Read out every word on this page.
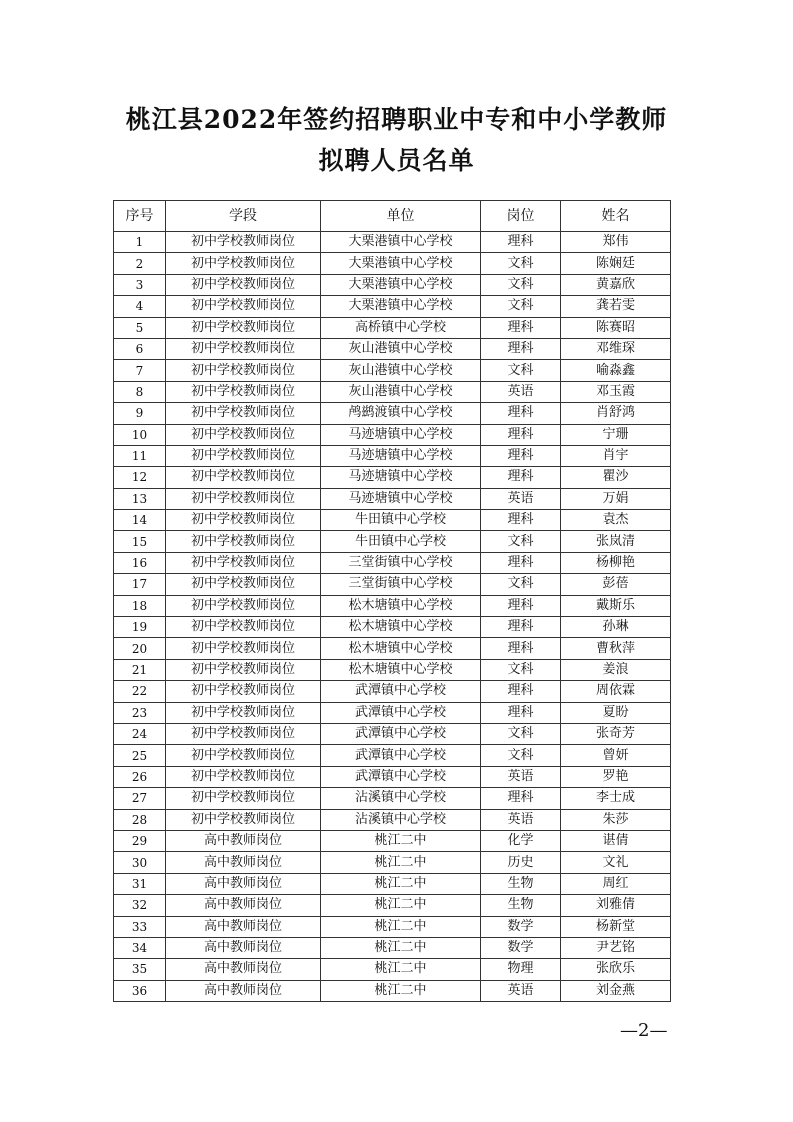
桃江县2022年签约招聘职业中专和中小学教师
拟聘人员名单
序号	学段	单位	岗位	姓名
1	初中学校教师岗位	大栗港镇中心学校	理科	郑伟
2	初中学校教师岗位	大栗港镇中心学校	文科	陈娴廷
3	初中学校教师岗位	大栗港镇中心学校	文科	黄嘉欣
4	初中学校教师岗位	大栗港镇中心学校	文科	龚若雯
5	初中学校教师岗位	高桥镇中心学校	理科	陈赛昭
6	初中学校教师岗位	灰山港镇中心学校	理科	邓维琛
7	初中学校教师岗位	灰山港镇中心学校	文科	喻淼鑫
8	初中学校教师岗位	灰山港镇中心学校	英语	邓玉霞
9	初中学校教师岗位	鸬鹚渡镇中心学校	理科	肖舒鸿
10	初中学校教师岗位	马迹塘镇中心学校	理科	宁珊
11	初中学校教师岗位	马迹塘镇中心学校	理科	肖宇
12	初中学校教师岗位	马迹塘镇中心学校	理科	瞿沙
13	初中学校教师岗位	马迹塘镇中心学校	英语	万娟
14	初中学校教师岗位	牛田镇中心学校	理科	袁杰
15	初中学校教师岗位	牛田镇中心学校	文科	张岚清
16	初中学校教师岗位	三堂街镇中心学校	理科	杨柳艳
17	初中学校教师岗位	三堂街镇中心学校	文科	彭蓓
18	初中学校教师岗位	松木塘镇中心学校	理科	戴斯乐
19	初中学校教师岗位	松木塘镇中心学校	理科	孙琳
20	初中学校教师岗位	松木塘镇中心学校	理科	曹秋萍
21	初中学校教师岗位	松木塘镇中心学校	文科	姜浪
22	初中学校教师岗位	武潭镇中心学校	理科	周依霖
23	初中学校教师岗位	武潭镇中心学校	理科	夏盼
24	初中学校教师岗位	武潭镇中心学校	文科	张奇芳
25	初中学校教师岗位	武潭镇中心学校	文科	曾妍
26	初中学校教师岗位	武潭镇中心学校	英语	罗艳
27	初中学校教师岗位	沾溪镇中心学校	理科	李士成
28	初中学校教师岗位	沾溪镇中心学校	英语	朱莎
29	高中教师岗位	桃江二中	化学	谌倩
30	高中教师岗位	桃江二中	历史	文礼
31	高中教师岗位	桃江二中	生物	周红
32	高中教师岗位	桃江二中	生物	刘雅倩
33	高中教师岗位	桃江二中	数学	杨新堂
34	高中教师岗位	桃江二中	数学	尹艺铭
35	高中教师岗位	桃江二中	物理	张欣乐
36	高中教师岗位	桃江二中	英语	刘金燕
—2—
